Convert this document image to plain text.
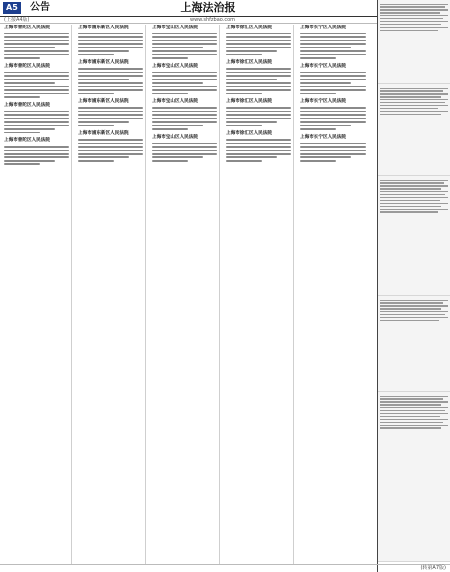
A5	公告	上海法治报
(上接A4版)	www.shfzbao.com
上海市普陀区人民法院
上海市普陀区人民法院
上海市普陀区人民法院
上海市普陀区人民法院
上海市浦东新区人民法院
上海市浦东新区人民法院
上海市浦东新区人民法院
上海市浦东新区人民法院
上海市宝山区人民法院
上海市宝山区人民法院
上海市宝山区人民法院
上海市宝山区人民法院
上海市徐汇区人民法院
上海市徐汇区人民法院
上海市徐汇区人民法院
上海市徐汇区人民法院
上海市长宁区人民法院
上海市长宁区人民法院
上海市长宁区人民法院
上海市长宁区人民法院
(转第A7版)
